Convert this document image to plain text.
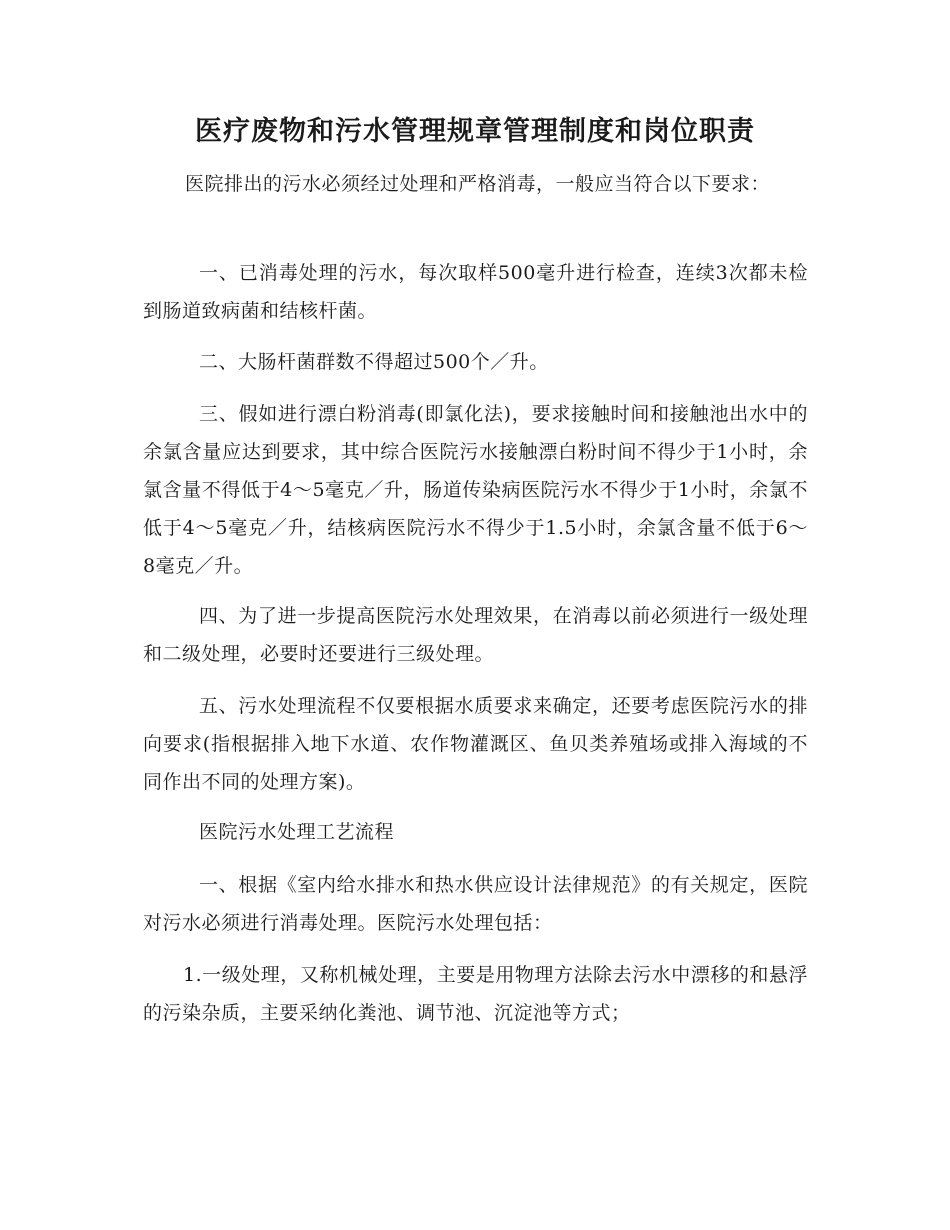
医疗废物和污水管理规章管理制度和岗位职责

医院排出的污水必须经过处理和严格消毒，一般应当符合以下要求：

一、已消毒处理的污水，每次取样500毫升进行检查，连续3次都未检到肠道致病菌和结核杆菌。

二、大肠杆菌群数不得超过500个／升。

三、假如进行漂白粉消毒(即氯化法)，要求接触时间和接触池出水中的余氯含量应达到要求，其中综合医院污水接触漂白粉时间不得少于1小时，余氯含量不得低于4～5毫克／升，肠道传染病医院污水不得少于1小时，余氯不低于4～5毫克／升，结核病医院污水不得少于1.5小时，余氯含量不低于6～8毫克／升。

四、为了进一步提高医院污水处理效果，在消毒以前必须进行一级处理和二级处理，必要时还要进行三级处理。

五、污水处理流程不仅要根据水质要求来确定，还要考虑医院污水的排向要求(指根据排入地下水道、农作物灌溉区、鱼贝类养殖场或排入海域的不同作出不同的处理方案)。

医院污水处理工艺流程

一、根据《室内给水排水和热水供应设计法律规范》的有关规定，医院对污水必须进行消毒处理。医院污水处理包括：

1.一级处理，又称机械处理，主要是用物理方法除去污水中漂移的和悬浮的污染杂质，主要采纳化粪池、调节池、沉淀池等方式；
